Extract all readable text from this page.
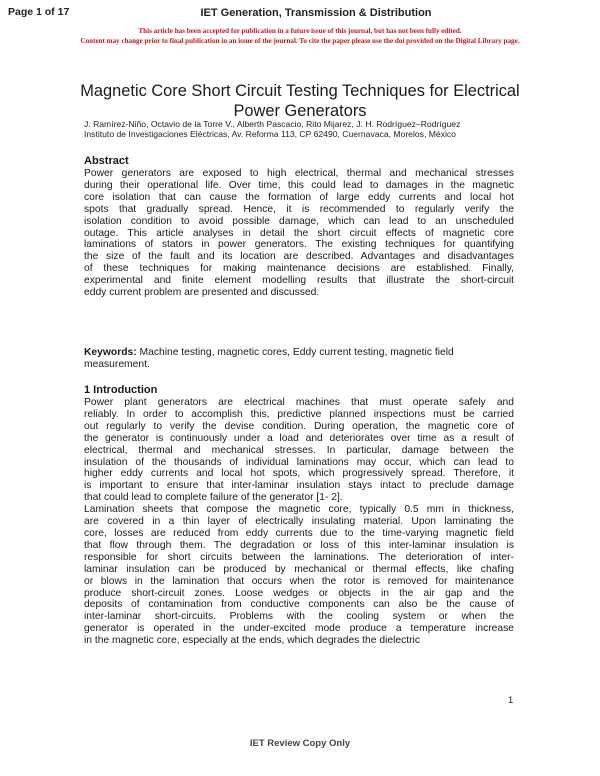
Page 1 of 17	IET Generation, Transmission & Distribution
This article has been accepted for publication in a future issue of this journal, but has not been fully edited.
Content may change prior to final publication in an issue of the journal. To cite the paper please use the doi provided on the Digital Library page.
Magnetic Core Short Circuit Testing Techniques for Electrical
Power Generators
J. Ramírez-Niño, Octavio de la Torre V., Alberth Pascacio, Rito Mijarez, J. H. Rodríguez–Rodríguez
Instituto de Investigaciones Eléctricas, Av. Reforma 113, CP 62490, Cuernavaca, Morelos, México
Abstract
Power generators are exposed to high electrical, thermal and mechanical stresses
during their operational life. Over time, this could lead to damages in the magnetic
core isolation that can cause the formation of large eddy currents and local hot
spots that gradually spread. Hence, it is recommended to regularly verify the
isolation condition to avoid possible damage, which can lead to an unscheduled
outage. This article analyses in detail the short circuit effects of magnetic core
laminations of stators in power generators. The existing techniques for quantifying
the size of the fault and its location are described. Advantages and disadvantages
of these techniques for making maintenance decisions are established. Finally,
experimental and finite element modelling results that illustrate the short-circuit
eddy current problem are presented and discussed.
Keywords: Machine testing, magnetic cores, Eddy current testing, magnetic field
measurement.
1 Introduction
Power plant generators are electrical machines that must operate safely and
reliably. In order to accomplish this, predictive planned inspections must be carried
out regularly to verify the devise condition. During operation, the magnetic core of
the generator is continuously under a load and deteriorates over time as a result of
electrical, thermal and mechanical stresses. In particular, damage between the
insulation of the thousands of individual laminations may occur, which can lead to
higher eddy currents and local hot spots, which progressively spread. Therefore, it
is important to ensure that inter-laminar insulation stays intact to preclude damage
that could lead to complete failure of the generator [1- 2].
Lamination sheets that compose the magnetic core, typically 0.5 mm in thickness,
are covered in a thin layer of electrically insulating material. Upon laminating the
core, losses are reduced from eddy currents due to the time-varying magnetic field
that flow through them. The degradation or loss of this inter-laminar insulation is
responsible for short circuits between the laminations. The deterioration of inter-
laminar insulation can be produced by mechanical or thermal effects, like chafing
or blows in the lamination that occurs when the rotor is removed for maintenance
produce short-circuit zones. Loose wedges or objects in the air gap and the
deposits of contamination from conductive components can also be the cause of
inter-laminar short-circuits. Problems with the cooling system or when the
generator is operated in the under-excited mode produce a temperature increase
in the magnetic core, especially at the ends, which degrades the dielectric
1
IET Review Copy Only
